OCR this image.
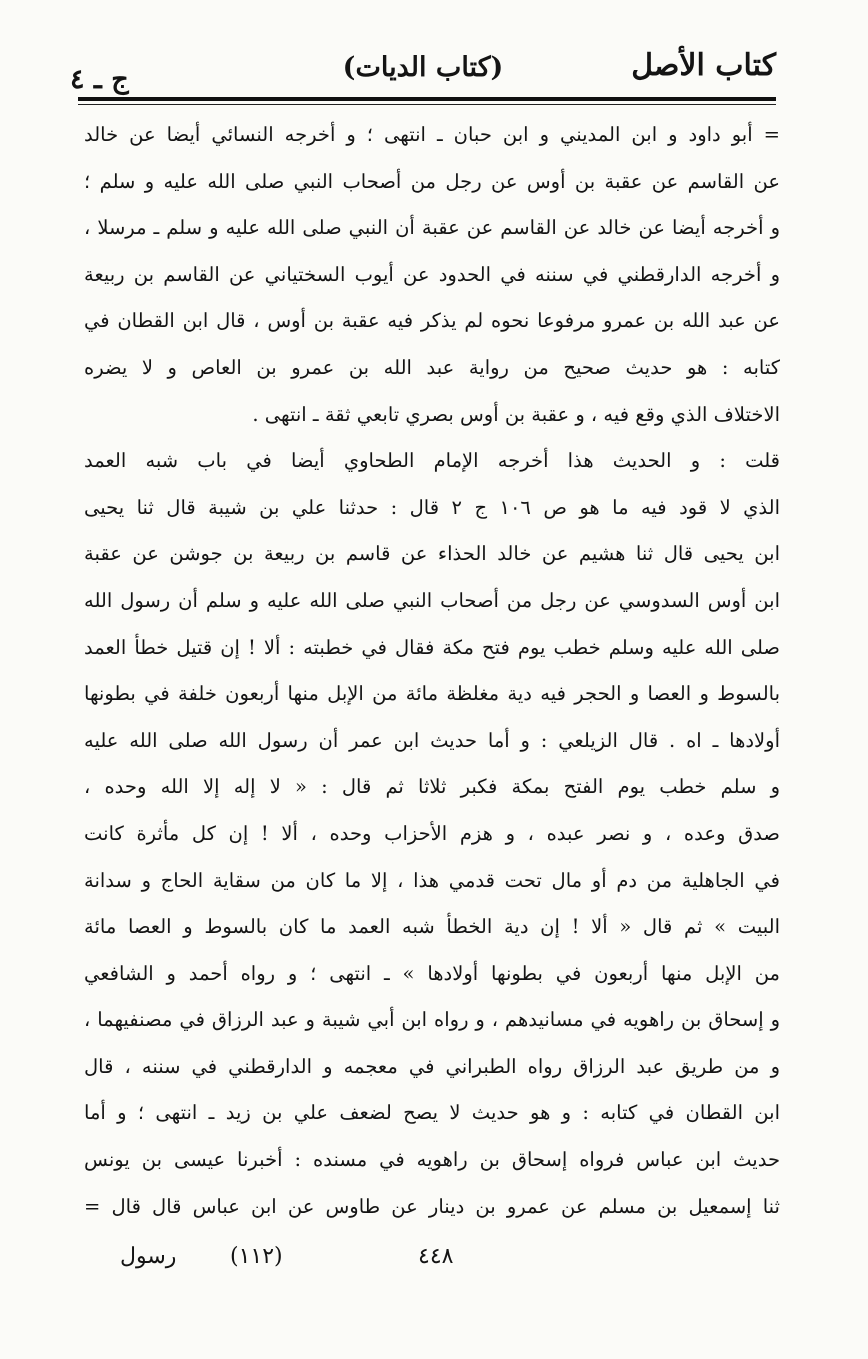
كتاب الأصل
(كتاب الديات)
ج ـ ٤
= أبو داود و ابن المديني و ابن حبان ـ انتهى ؛ و أخرجه النسائي أيضا عن خالد
عن القاسم عن عقبة بن أوس عن رجل من أصحاب النبي صلى الله عليه و سلم ؛
و أخرجه أيضا عن خالد عن القاسم عن عقبة أن النبي صلى الله عليه و سلم ـ مرسلا ،
و أخرجه الدارقطني في سننه في الحدود عن أيوب السختياني عن القاسم بن ربيعة
عن عبد الله بن عمرو مرفوعا نحوه لم يذكر فيه عقبة بن أوس ، قال ابن القطان في
كتابه : هو حديث صحيح من رواية عبد الله بن عمرو بن العاص و لا يضره
الاختلاف الذي وقع فيه ، و عقبة بن أوس بصري تابعي ثقة ـ انتهى .
قلت : و الحديث هذا أخرجه الإمام الطحاوي أيضا في باب شبه العمد
الذي لا قود فيه ما هو ص ١٠٦ ج ٢ قال : حدثنا علي بن شيبة قال ثنا يحيى
ابن يحيى قال ثنا هشيم عن خالد الحذاء عن قاسم بن ربيعة بن جوشن عن عقبة
ابن أوس السدوسي عن رجل من أصحاب النبي صلى الله عليه و سلم أن رسول الله
صلى الله عليه وسلم خطب يوم فتح مكة فقال في خطبته : ألا ! إن قتيل خطأ العمد
بالسوط و العصا و الحجر فيه دية مغلظة مائة من الإبل منها أربعون خلفة في بطونها
أولادها ـ اه . قال الزيلعي : و أما حديث ابن عمر أن رسول الله صلى الله عليه
و سلم خطب يوم الفتح بمكة فكبر ثلاثا ثم قال : « لا إله إلا الله وحده ،
صدق وعده ، و نصر عبده ، و هزم الأحزاب وحده ، ألا ! إن كل مأثرة كانت
في الجاهلية من دم أو مال تحت قدمي هذا ، إلا ما كان من سقاية الحاج و سدانة
البيت » ثم قال « ألا ! إن دية الخطأ شبه العمد ما كان بالسوط و العصا مائة
من الإبل منها أربعون في بطونها أولادها » ـ انتهى ؛ و رواه أحمد و الشافعي
و إسحاق بن راهويه في مسانيدهم ، و رواه ابن أبي شيبة و عبد الرزاق في مصنفيهما ،
و من طريق عبد الرزاق رواه الطبراني في معجمه و الدارقطني في سننه ، قال
ابن القطان في كتابه : و هو حديث لا يصح لضعف علي بن زيد ـ انتهى ؛ و أما
حديث ابن عباس فرواه إسحاق بن راهويه في مسنده : أخبرنا عيسى بن يونس
ثنا إسمعيل بن مسلم عن عمرو بن دينار عن طاوس عن ابن عباس قال قال =
٤٤٨
(١١٢)
رسول
